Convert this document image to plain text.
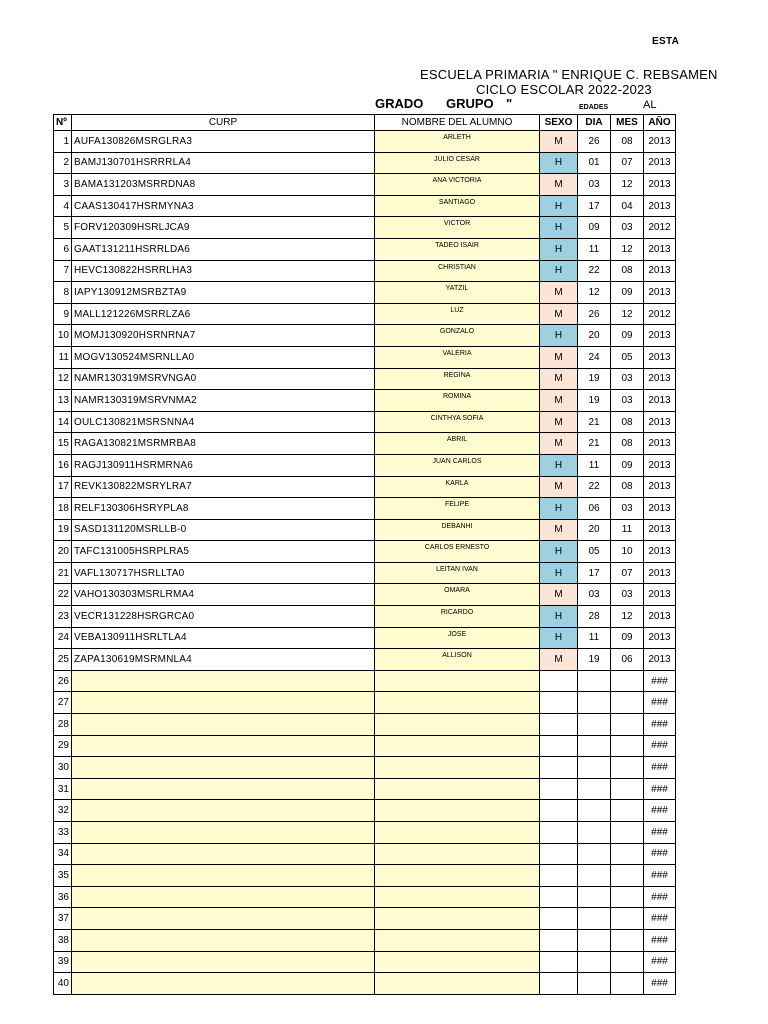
ESTA
ESCUELA PRIMARIA " ENRIQUE C. REBSAMEN
CICLO ESCOLAR 2022-2023
GRADO GRUPO "	EDADES	AL
Nº	CURP	NOMBRE DEL ALUMNO	SEXO	DIA	MES	AÑO
1	AUFA130826MSRGLRA3	ARLETH	M	26	08	2013
2	BAMJ130701HSRRRLA4	JULIO CESAR	H	01	07	2013
3	BAMA131203MSRRDNA8	ANA VICTORIA	M	03	12	2013
4	CAAS130417HSRMYNA3	SANTIAGO	H	17	04	2013
5	FORV120309HSRLJCA9	VICTOR	H	09	03	2012
6	GAAT131211HSRRLDA6	TADEO ISAIR	H	11	12	2013
7	HEVC130822HSRRLHA3	CHRISTIAN	H	22	08	2013
8	IAPY130912MSRBZTA9	YATZIL	M	12	09	2013
9	MALL121226MSRRLZA6	LUZ	M	26	12	2012
10	MOMJ130920HSRNRNA7	GONZALO	H	20	09	2013
11	MOGV130524MSRNLLA0	VALERIA	M	24	05	2013
12	NAMR130319MSRVNGA0	REGINA	M	19	03	2013
13	NAMR130319MSRVNMA2	ROMINA	M	19	03	2013
14	OULC130821MSRSNNA4	CINTHYA SOFIA	M	21	08	2013
15	RAGA130821MSRMRBA8	ABRIL	M	21	08	2013
16	RAGJ130911HSRMRNA6	JUAN CARLOS	H	11	09	2013
17	REVK130822MSRYLRA7	KARLA	M	22	08	2013
18	RELF130306HSRYPLA8	FELIPE	H	06	03	2013
19	SASD131120MSRLLB-0	DEBANHI	M	20	11	2013
20	TAFC131005HSRPLRA5	CARLOS ERNESTO	H	05	10	2013
21	VAFL130717HSRLLTA0	LEITAN IVAN	H	17	07	2013
22	VAHO130303MSRLRMA4	OMARA	M	03	03	2013
23	VECR131228HSRGRCA0	RICARDO	H	28	12	2013
24	VEBA130911HSRLTLA4	JOSE	H	11	09	2013
25	ZAPA130619MSRMNLA4	ALLISON	M	19	06	2013
26						###
27						###
28						###
29						###
30						###
31						###
32						###
33						###
34						###
35						###
36						###
37						###
38						###
39						###
40						###
